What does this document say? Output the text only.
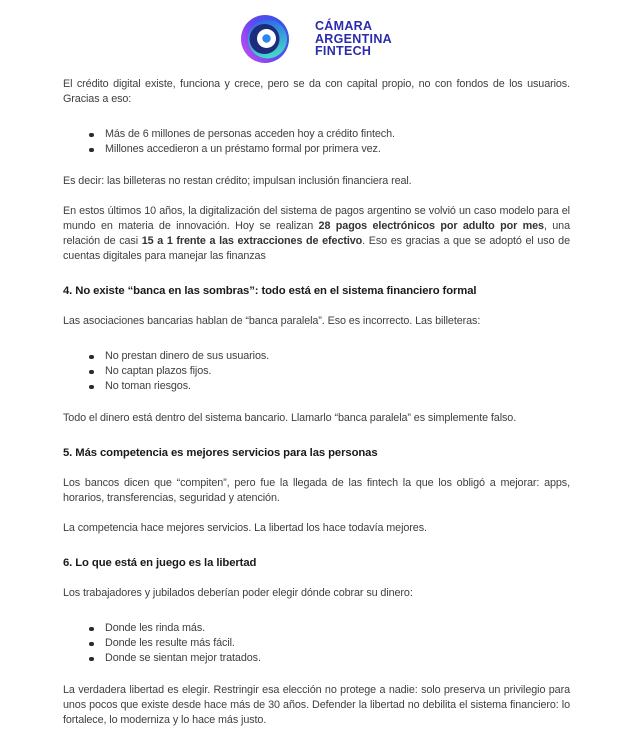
CÁMARA
ARGENTINA
FINTECH

El crédito digital existe, funciona y crece, pero se da con capital propio, no con fondos de los usuarios. Gracias a eso:

Más de 6 millones de personas acceden hoy a crédito fintech.
Millones accedieron a un préstamo formal por primera vez.

Es decir: las billeteras no restan crédito; impulsan inclusión financiera real.

En estos últimos 10 años, la digitalización del sistema de pagos argentino se volvió un caso modelo para el mundo en materia de innovación. Hoy se realizan 28 pagos electrónicos por adulto por mes, una relación de casi 15 a 1 frente a las extracciones de efectivo. Eso es gracias a que se adoptó el uso de cuentas digitales para manejar las finanzas

4. No existe “banca en las sombras”: todo está en el sistema financiero formal

Las asociaciones bancarias hablan de “banca paralela”. Eso es incorrecto. Las billeteras:

No prestan dinero de sus usuarios.
No captan plazos fijos.
No toman riesgos.

Todo el dinero está dentro del sistema bancario. Llamarlo “banca paralela” es simplemente falso.

5. Más competencia es mejores servicios para las personas

Los bancos dicen que “compiten”, pero fue la llegada de las fintech la que los obligó a mejorar: apps, horarios, transferencias, seguridad y atención.

La competencia hace mejores servicios. La libertad los hace todavía mejores.

6. Lo que está en juego es la libertad

Los trabajadores y jubilados deberían poder elegir dónde cobrar su dinero:

Donde les rinda más.
Donde les resulte más fácil.
Donde se sientan mejor tratados.

La verdadera libertad es elegir. Restringir esa elección no protege a nadie: solo preserva un privilegio para unos pocos que existe desde hace más de 30 años. Defender la libertad no debilita el sistema financiero: lo fortalece, lo moderniza y lo hace más justo.
